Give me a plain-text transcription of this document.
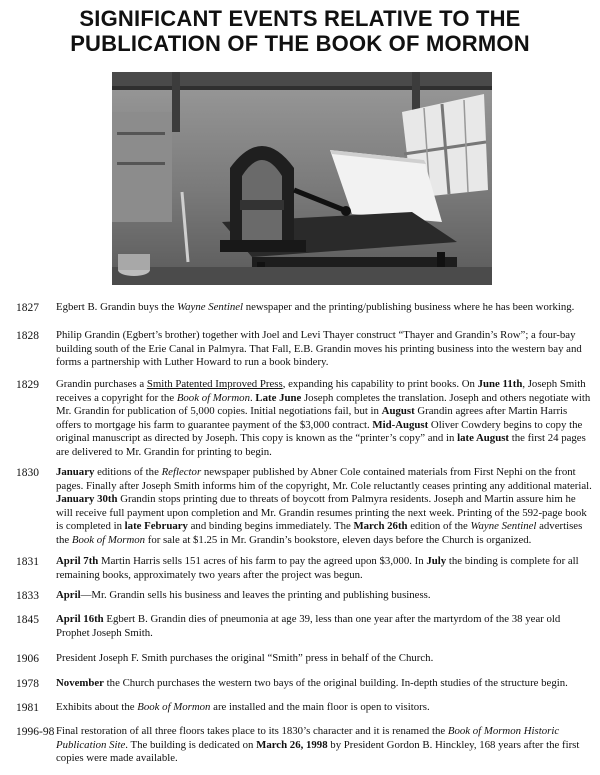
SIGNIFICANT EVENTS RELATIVE TO THE
PUBLICATION OF THE BOOK OF MORMON
1827 Egbert B. Grandin buys the Wayne Sentinel newspaper and the printing/publishing business where he has been working.
1828 Philip Grandin (Egbert’s brother) together with Joel and Levi Thayer construct “Thayer and Grandin’s Row”; a four-bay building south of the Erie Canal in Palmyra. That Fall, E.B. Grandin moves his printing business into the western bay and forms a partnership with Luther Howard to run a book bindery.
1829 Grandin purchases a Smith Patented Improved Press, expanding his capability to print books. On June 11th, Joseph Smith receives a copyright for the Book of Mormon. Late June Joseph completes the translation. Joseph and others negotiate with Mr. Grandin for publication of 5,000 copies. Initial negotiations fail, but in August Grandin agrees after Martin Harris offers to mortgage his farm to guarantee payment of the $3,000 contract. Mid-August Oliver Cowdery begins to copy the original manuscript as directed by Joseph. This copy is known as the “printer’s copy” and in late August the first 24 pages are delivered to Mr. Grandin for printing to begin.
1830 January editions of the Reflector newspaper published by Abner Cole contained materials from First Nephi on the front pages. Finally after Joseph Smith informs him of the copyright, Mr. Cole reluctantly ceases printing any additional material. January 30th Grandin stops printing due to threats of boycott from Palmyra residents. Joseph and Martin assure him he will receive full payment upon completion and Mr. Grandin resumes printing the next week. Printing of the 592-page book is completed in late February and binding begins immediately. The March 26th edition of the Wayne Sentinel advertises the Book of Mormon for sale at $1.25 in Mr. Grandin’s bookstore, eleven days before the Church is organized.
1831 April 7th Martin Harris sells 151 acres of his farm to pay the agreed upon $3,000. In July the binding is complete for all remaining books, approximately two years after the project was begun.
1833 April—Mr. Grandin sells his business and leaves the printing and publishing business.
1845 April 16th Egbert B. Grandin dies of pneumonia at age 39, less than one year after the martyrdom of the 38 year old Prophet Joseph Smith.
1906 President Joseph F. Smith purchases the original “Smith” press in behalf of the Church.
1978 November the Church purchases the western two bays of the original building. In-depth studies of the structure begin.
1981 Exhibits about the Book of Mormon are installed and the main floor is open to visitors.
1996-98 Final restoration of all three floors takes place to its 1830’s character and it is renamed the Book of Mormon Historic Publication Site. The building is dedicated on March 26, 1998 by President Gordon B. Hinckley, 168 years after the first copies were made available.
